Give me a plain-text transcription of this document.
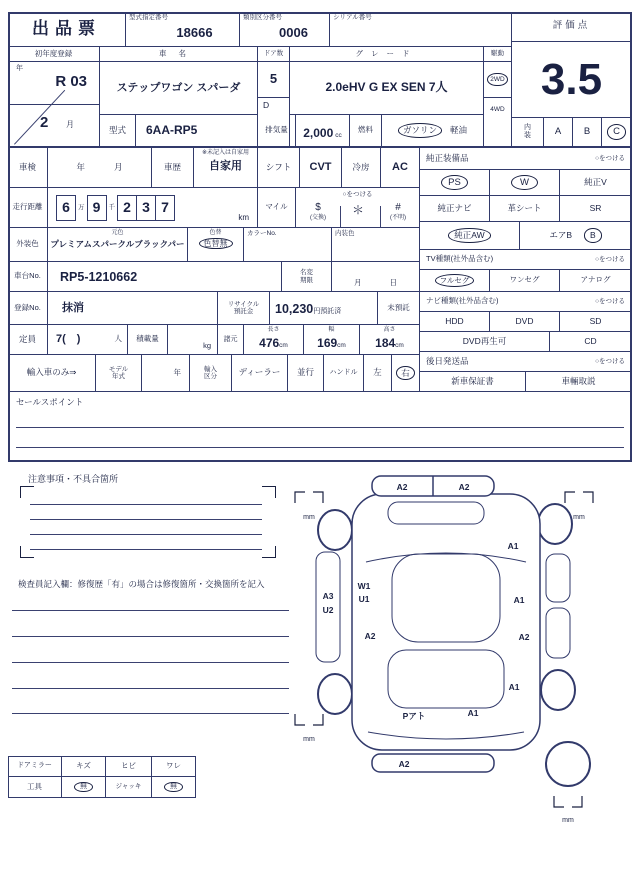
出品票
型式指定番号
18666
類別区分番号
0006
シリアル番号
評価点
3.5
内装	A B	C
初年度登録
年
R 03
2 月
車名
ステップワゴン スパーダ
ドア数
5
D
グレード
2.0eHV G EX SEN 7人
駆動
2WD
4WD
型式 6AA-RP5	排気量 2,000 cc
燃料	ガソリン	軽油
車検	年	月	車歴
※未記入は自家用
自家用	シフト CVT 冷房 AC
走行距離	6	万 9	千 2 3 7
km
マイル
○をつける
$
(交換)
＊	#
(不明)
外装色
元色
プレミアムスパークルブラックパー
色替
色替無
カラーNo.	内装色
車台No. RP5-1210662	名変
期限	月	日
登録No. 抹消	リサイクル
預託金 10,230 円預託済	未預託
定員 7(　)	人 積載量
kg
諸元
長さ
476cm
幅
169cm
高さ
184cm
輸入車のみ⇒	モデル
年式	年	輸入
区分	ディーラー 並行 ハンドル 左	右
セールスポイント
純正装備品	○をつける
PS	W	純正V
純正ナビ	革シート	SR
純正AW	エアB	B
TV種類(社外品含む)	○をつける
フルセグ	ワンセグ	アナログ
ナビ種類(社外品含む)	○をつける
HDD	DVD	SD
DVD再生可	CD
後日発送品	○をつける
新車保証書	車輛取説
注意事項・不具合箇所
検査員記入欄：修復歴「有」の場合は修復箇所・交換箇所を記入
A2	A2
A1
W1
U1
A3
U2
A2
A1
A2
A1
Pアト	A1
A2
mm	mm
mm
mm
ドアミラー	キズ	ヒビ	ワレ
工具	無	ジャッキ	無
